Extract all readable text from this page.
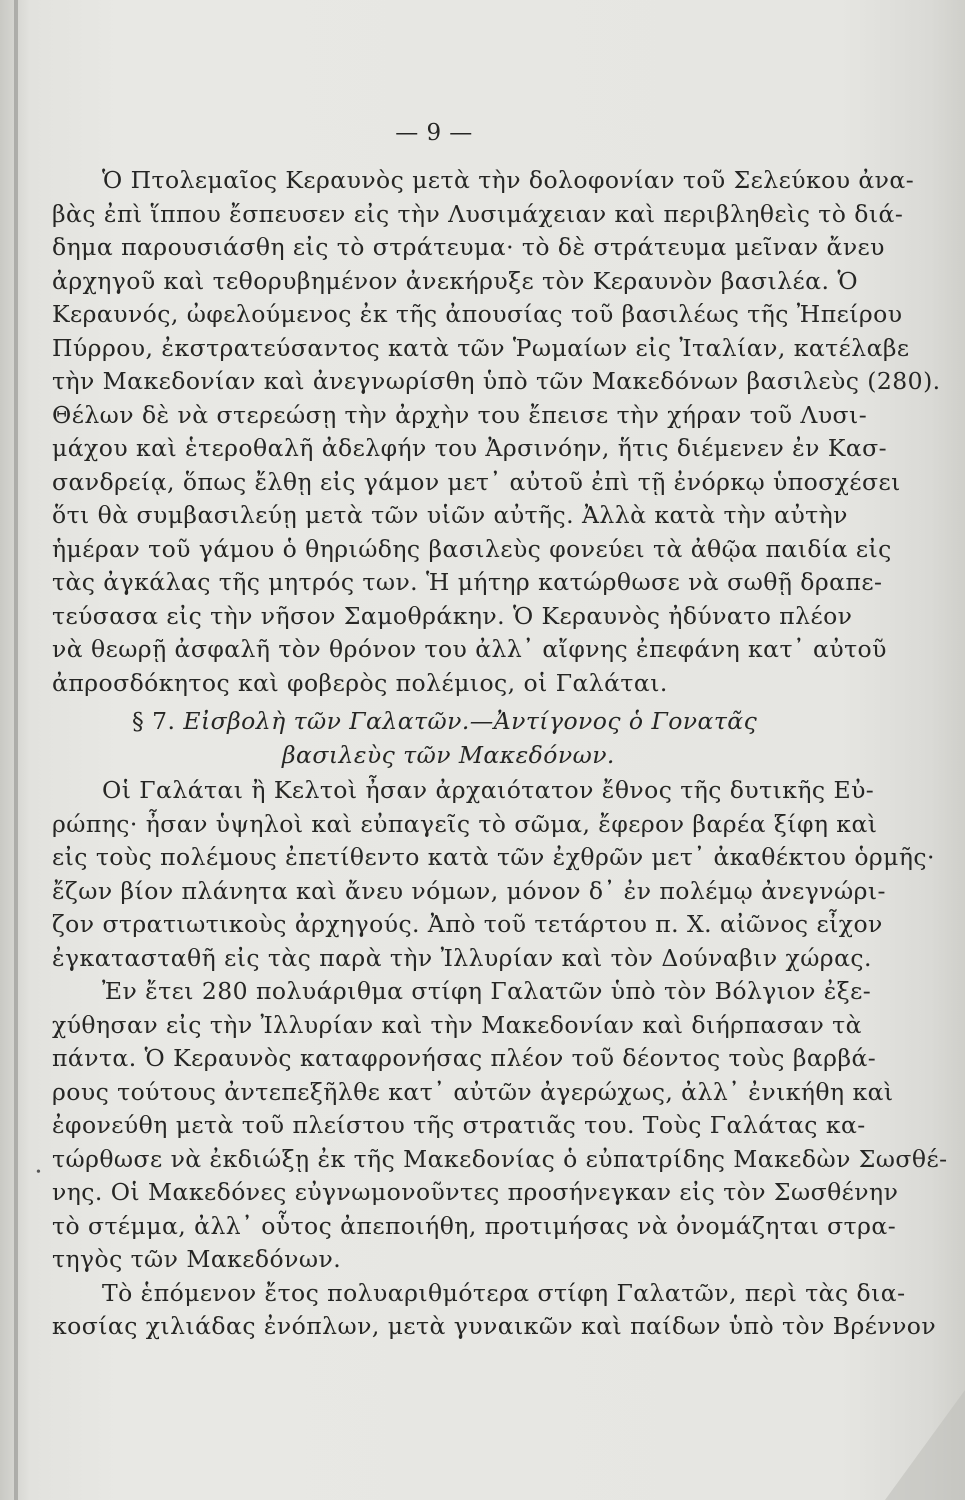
— 9 —

Ὁ Πτολεμαῖος Κεραυνὸς μετὰ τὴν δολοφονίαν τοῦ Σελεύκου ἀνα-

βὰς ἐπὶ ἵππου ἔσπευσεν εἰς τὴν Λυσιμάχειαν καὶ περιβληθεὶς τὸ διά-

δημα παρουσιάσθη εἰς τὸ στράτευμα· τὸ δὲ στράτευμα μεῖναν ἄνευ

ἀρχηγοῦ καὶ τεθορυβημένον ἀνεκήρυξε τὸν Κεραυνὸν βασιλέα. Ὁ

Κεραυνός, ὠφελούμενος ἐκ τῆς ἀπουσίας τοῦ βασιλέως τῆς Ἠπείρου

Πύρρου, ἐκστρατεύσαντος κατὰ τῶν Ῥωμαίων εἰς Ἰταλίαν, κατέλαβε

τὴν Μακεδονίαν καὶ ἀνεγνωρίσθη ὑπὸ τῶν Μακεδόνων βασιλεὺς (280).

Θέλων δὲ νὰ στερεώσῃ τὴν ἀρχὴν του ἔπεισε τὴν χήραν τοῦ Λυσι-

μάχου καὶ ἑτεροθαλῆ ἀδελφήν του Ἀρσινόην, ἥτις διέμενεν ἐν Κασ-

σανδρείᾳ, ὅπως ἔλθῃ εἰς γάμον μετ᾽ αὐτοῦ ἐπὶ τῇ ἐνόρκῳ ὑποσχέσει

ὅτι θὰ συμβασιλεύῃ μετὰ τῶν υἱῶν αὐτῆς. Ἀλλὰ κατὰ τὴν αὐτὴν

ἡμέραν τοῦ γάμου ὁ θηριώδης βασιλεὺς φονεύει τὰ ἀθῷα παιδία εἰς

τὰς ἀγκάλας τῆς μητρός των. Ἡ μήτηρ κατώρθωσε νὰ σωθῇ δραπε-

τεύσασα εἰς τὴν νῆσον Σαμοθράκην. Ὁ Κεραυνὸς ἠδύνατο πλέον

νὰ θεωρῇ ἀσφαλῆ τὸν θρόνον του ἀλλ᾽ αἴφνης ἐπεφάνη κατ᾽ αὐτοῦ

ἀπροσδόκητος καὶ φοβερὸς πολέμιος, οἱ Γαλάται.

§ 7. Εἰσβολὴ τῶν Γαλατῶν.—Ἀντίγονος ὁ Γονατᾶς
βασιλεὺς τῶν Μακεδόνων.

Οἱ Γαλάται ἢ Κελτοὶ ἦσαν ἀρχαιότατον ἔθνος τῆς δυτικῆς Εὐ-

ρώπης· ἦσαν ὑψηλοὶ καὶ εὐπαγεῖς τὸ σῶμα, ἔφερον βαρέα ξίφη καὶ

εἰς τοὺς πολέμους ἐπετίθεντο κατὰ τῶν ἐχθρῶν μετ᾽ ἀκαθέκτου ὁρμῆς·

ἔζων βίον πλάνητα καὶ ἄνευ νόμων, μόνον δ᾽ ἐν πολέμῳ ἀνεγνώρι-

ζον στρατιωτικοὺς ἀρχηγούς. Ἀπὸ τοῦ τετάρτου π. Χ. αἰῶνος εἶχον

ἐγκατασταθῆ εἰς τὰς παρὰ τὴν Ἰλλυρίαν καὶ τὸν Δούναβιν χώρας.

Ἐν ἔτει 280 πολυάριθμα στίφη Γαλατῶν ὑπὸ τὸν Βόλγιον ἐξε-

χύθησαν εἰς τὴν Ἰλλυρίαν καὶ τὴν Μακεδονίαν καὶ διήρπασαν τὰ

πάντα. Ὁ Κεραυνὸς καταφρονήσας πλέον τοῦ δέοντος τοὺς βαρβά-

ρους τούτους ἀντεπεξῆλθε κατ᾽ αὐτῶν ἀγερώχως, ἀλλ᾽ ἐνικήθη καὶ

ἐφονεύθη μετὰ τοῦ πλείστου τῆς στρατιᾶς του. Τοὺς Γαλάτας κα-

τώρθωσε νὰ ἐκδιώξῃ ἐκ τῆς Μακεδονίας ὁ εὐπατρίδης Μακεδὼν Σωσθέ-

νης. Οἱ Μακεδόνες εὐγνωμονοῦντες προσήνεγκαν εἰς τὸν Σωσθένην

τὸ στέμμα, ἀλλ᾽ οὗτος ἀπεποιήθη, προτιμήσας νὰ ὀνομάζηται στρα-

τηγὸς τῶν Μακεδόνων.

Τὸ ἑπόμενον ἔτος πολυαριθμότερα στίφη Γαλατῶν, περὶ τὰς δια-

κοσίας χιλιάδας ἐνόπλων, μετὰ γυναικῶν καὶ παίδων ὑπὸ τὸν Βρέννον

•
